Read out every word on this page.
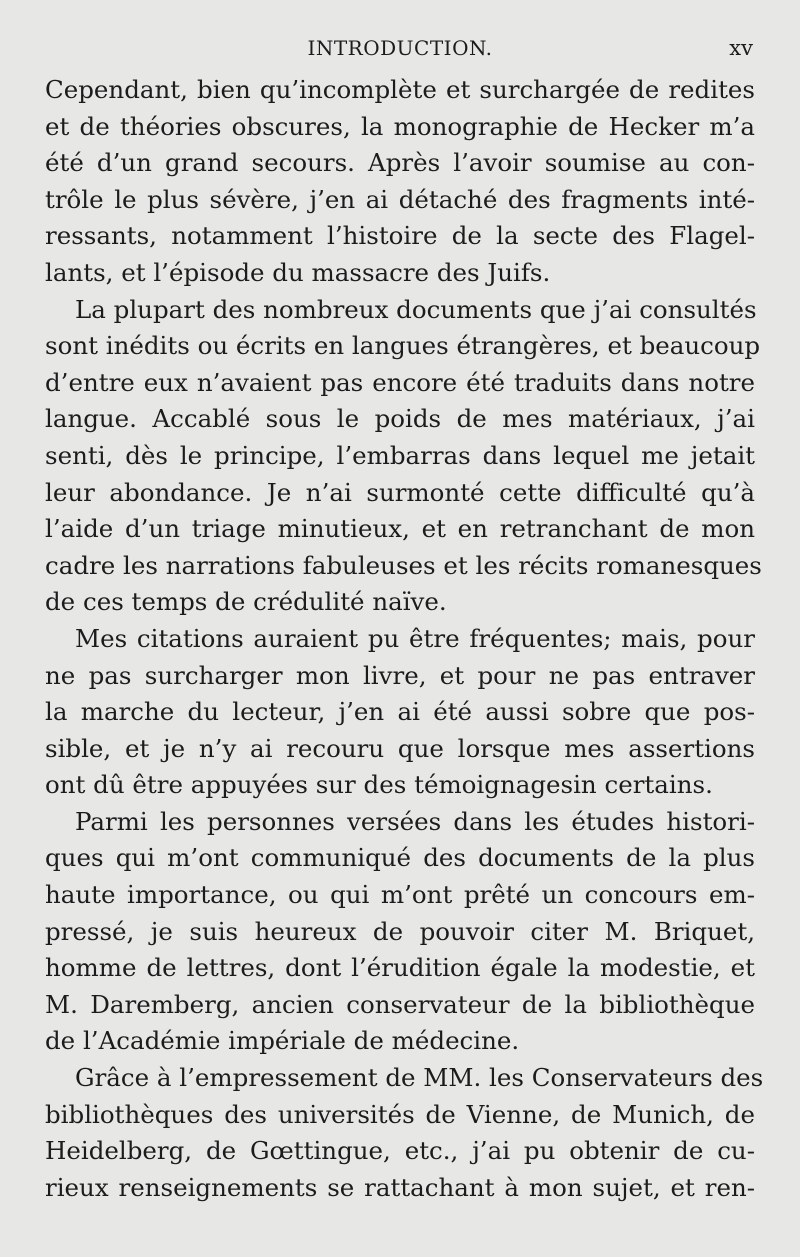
INTRODUCTION.	xv
Cependant, bien qu’incomplète et surchargée de redites
et de théories obscures, la monographie de Hecker m’a
été d’un grand secours. Après l’avoir soumise au con-
trôle le plus sévère, j’en ai détaché des fragments inté-
ressants, notamment l’histoire de la secte des Flagel-
lants, et l’épisode du massacre des Juifs.
La plupart des nombreux documents que j’ai consultés
sont inédits ou écrits en langues étrangères, et beaucoup
d’entre eux n’avaient pas encore été traduits dans notre
langue. Accablé sous le poids de mes matériaux, j’ai
senti, dès le principe, l’embarras dans lequel me jetait
leur abondance. Je n’ai surmonté cette difficulté qu’à
l’aide d’un triage minutieux, et en retranchant de mon
cadre les narrations fabuleuses et les récits romanesques
de ces temps de crédulité naïve.
Mes citations auraient pu être fréquentes; mais, pour
ne pas surcharger mon livre, et pour ne pas entraver
la marche du lecteur, j’en ai été aussi sobre que pos-
sible, et je n’y ai recouru que lorsque mes assertions
ont dû être appuyées sur des témoignagesin certains.
Parmi les personnes versées dans les études histori-
ques qui m’ont communiqué des documents de la plus
haute importance, ou qui m’ont prêté un concours em-
pressé, je suis heureux de pouvoir citer M. Briquet,
homme de lettres, dont l’érudition égale la modestie, et
M. Daremberg, ancien conservateur de la bibliothèque
de l’Académie impériale de médecine.
Grâce à l’empressement de MM. les Conservateurs des
bibliothèques des universités de Vienne, de Munich, de
Heidelberg, de Gœttingue, etc., j’ai pu obtenir de cu-
rieux renseignements se rattachant à mon sujet, et ren-
